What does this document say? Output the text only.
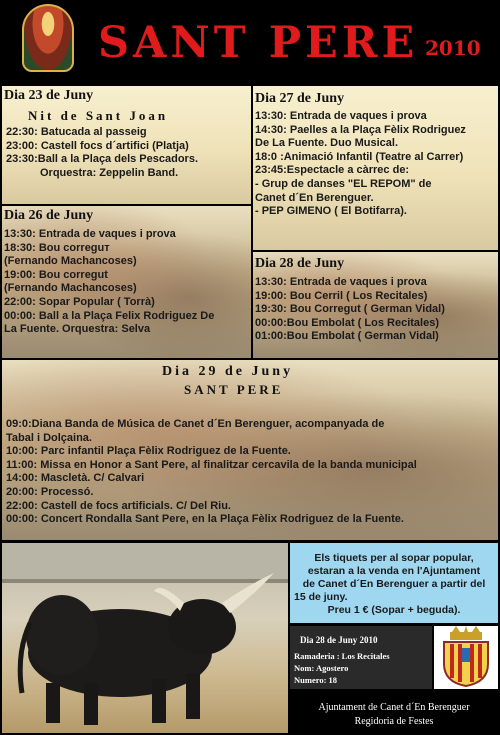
SANT PERE 2010
Dia 23 de Juny
Nit de Sant Joan
22:30: Batucada al passeig
23:00: Castell focs d´artifici (Platja)
23:30:Ball a la Plaça dels Pescadors.
Orquestra: Zeppelin Band.
Dia 26 de Juny
13:30: Entrada de vaques i prova
18:30: Bou correguт
(Fernando Machancoses)
19:00: Bou corregut
(Fernando Machancoses)
22:00: Sopar Popular ( Torrà)
00:00: Ball a la Plaça Felix Rodriguez De
La Fuente. Orquestra: Selva
Dia 27 de Juny
13:30: Entrada de vaques i prova
14:30: Paelles a la Plaça Fèlix Rodriguez
De La Fuente. Duo Musical.
18:0 :Animació Infantil (Teatre al Carrer)
23:45:Espectacle a càrrec de:
- Grup de danses "EL REPOM" de
Canet d´En Berenguer.
- PEP GIMENO ( El Botifarra).
Dia 28 de Juny
13:30: Entrada de vaques i prova
19:00: Bou Cerril ( Los Recitales)
19:30: Bou Corregut ( German Vidal)
00:00:Bou Embolat ( Los Recitales)
01:00:Bou Embolat ( German Vidal)
Dia 29 de Juny
SANT PERE
09:0:Diana Banda de Música de Canet d´En Berenguer, acompanyada de
Tabal i Dolçaina.
10:00: Parc infantil Plaça Fèlix Rodriguez de la Fuente.
11:00: Missa en Honor a Sant Pere, al finalitzar cercavila de la banda municipal
14:00: Mascletà. C/ Calvari
20:00: Processó.
22:00: Castell de focs artificials. C/ Del Riu.
00:00: Concert Rondalla Sant Pere, en la Plaça Fèlix Rodriguez de la Fuente.
Els tiquets per al sopar popular,
estaran a la venda en l'Ajuntament
de Canet d´En Berenguer a partir del
15 de juny.
Preu 1 € (Sopar + beguda).
Dia 28 de Juny 2010
Ramaderia : Los Recitales
Nom: Agostero
Numero: 18
Ajuntament de Canet d´En Berenguer
Regidoria de Festes
